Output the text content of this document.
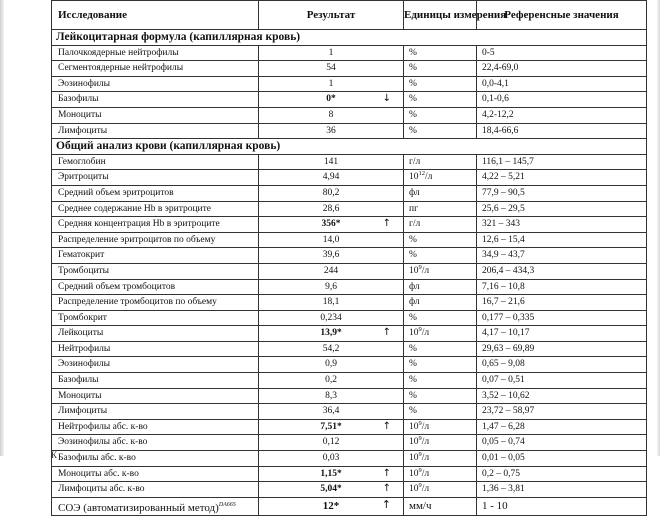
Исследование	Результат	Единицы измерения	Референсные значения
Лейкоцитарная формула (капиллярная кровь)			
Палочкоядерные нейтрофилы	1	%	0-5
Сегментоядерные нейтрофилы	54	%	22,4-69,0
Эозинофилы	1	%	0,0-4,1
Базофилы	0* ↓	%	0,1-0,6
Моноциты	8	%	4,2-12,2
Лимфоциты	36	%	18,4-66,6
Общий анализ крови (капиллярная кровь)			
Гемоглобин	141	г/л	116,1 – 145,7
Эритроциты	4,94	$10^{12}/л$	4,22 – 5,21
Средний объем эритроцитов	80,2	фл	77,9 – 90,5
Среднее содержание Hb в эритроците	28,6	пг	25,6 – 29,5
Средняя концентрация Hb в эритроците	356* ↑	г/л	321 – 343
Распределение эритроцитов по объему	14,0	%	12,6 – 15,4
Гематокрит	39,6	%	34,9 – 43,7
Тромбоциты	244	$10^9/л$	206,4 – 434,3
Средний объем тромбоцитов	9,6	фл	7,16 – 10,8
Распределение тромбоцитов по объему	18,1	фл	16,7 – 21,6
Тромбокрит	0,234	%	0,177 – 0,335
Лейкоциты	13,9* ↑	$10^9/л$	4,17 – 10,17
Нейтрофилы	54,2	%	29,63 – 69,89
Эозинофилы	0,9	%	0,65 – 9,08
Базофилы	0,2	%	0,07 – 0,51
Моноциты	8,3	%	3,52 – 10,62
Лимфоциты	36,4	%	23,72 – 58,97
Нейтрофилы абс. к-во	7,51* ↑	$10^9/л$	1,47 – 6,28
Эозинофилы абс. к-во	0,12	$10^9/л$	0,05 – 0,74
Базофилы абс. к-во	0,03	$10^9/л$	0,01 – 0,05
Моноциты абс. к-во	1,15* ↑	$10^9/л$	0,2 – 0,75
Лимфоциты абс. к-во	5,04* ↑	$10^9/л$	1,36 – 3,81
СОЭ (автоматизированный метод)$^{DA66S}$	12* ↑	мм/ч	1 - 10
К
